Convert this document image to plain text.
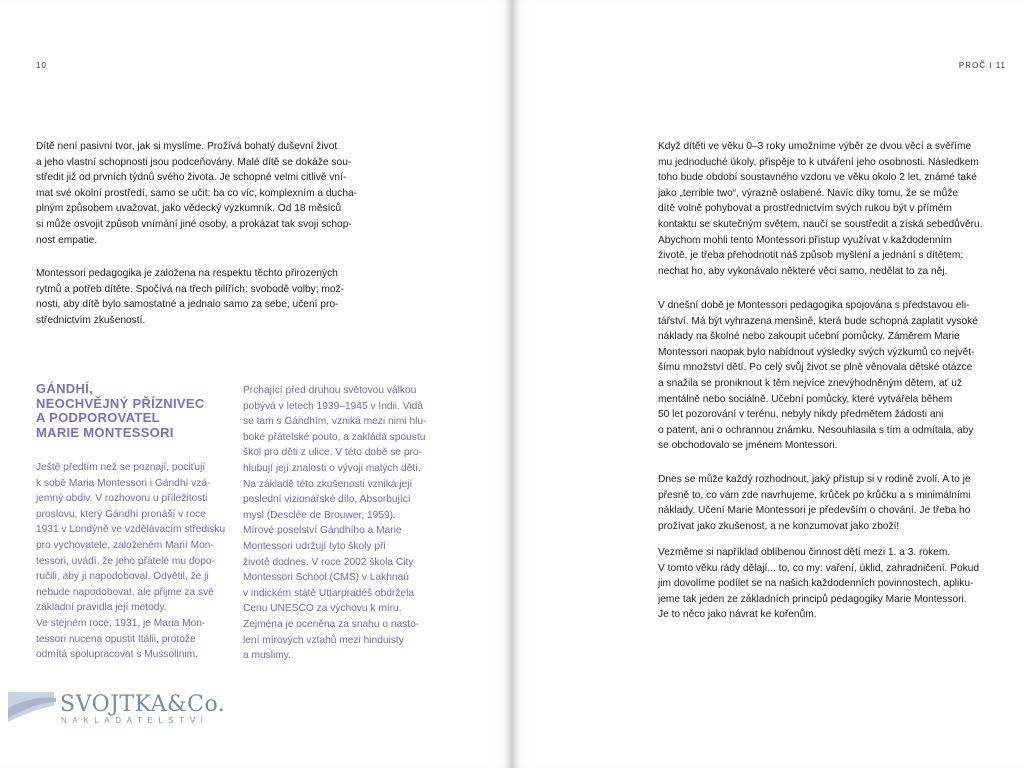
10
Dítě není pasivní tvor, jak si myslíme. Prožívá bohatý duševní život
a jeho vlastní schopnosti jsou podceňovány. Malé dítě se dokáže sou-
středit již od prvních týdnů svého života. Je schopné velmi citlivě vní-
mat své okolní prostředí, samo se učit; ba co víc, komplexním a ducha-
plným způsobem uvažovat, jako vědecký výzkumník. Od 18 měsíců
si může osvojit způsob vnímání jiné osoby, a prokázat tak svoji schop-
nost empatie.
Montessori pedagogika je založena na respektu těchto přirozených
rytmů a potřeb dítěte. Spočívá na třech pilířích: svobodě volby; mož-
nosti, aby dítě bylo samostatné a jednalo samo za sebe; učení pro-
střednictvím zkušeností.
GÁNDHÍ,
NEOCHVĚJNÝ PŘÍZNIVEC
A PODPOROVATEL
MARIE MONTESSORI
Ještě předtím než se poznají, pociťují
k sobě Maria Montessori i Gándhí vzá-
jemný obdiv. V rozhovoru u příležitosti
proslovu, který Gándhí pronáší v roce
1931 v Londýně ve vzdělávacím středisku
pro vychovatele, založeném Marií Mon-
tessori, uvádí, že jeho přátelé mu dopo-
ručili, aby ji napodoboval. Odvětil, že ji
nebude napodobovat, ale přijme za své
základní pravidla její metody.
Ve stejném roce, 1931, je Maria Mon-
tessori nucena opustit Itálii, protože
odmítá spolupracovat s Mussolinim.
Prchající před druhou světovou válkou
pobývá v letech 1939–1945 v Indii. Vidá
se tam s Gándhím, vzniká mezi nimi hlu-
boké přátelské pouto, a zakládá spoustu
škol pro děti z ulice. V této době se pro-
hlubují její znalosti o vývoji malých dětí.
Na základě této zkušenosti vzniká její
poslední vizionářské dílo, Absorbující
mysl (Desclée de Brouwer, 1959).
Mírové poselství Gándhího a Marie
Montessori udržují tyto školy při
životě dodnes. V roce 2002 škola City
Montessori School (CMS) v Lakhnaú
v indickém státě Uttarpradéš obdržela
Cenu UNESCO za výchovu k míru.
Zejména je oceněna za snahu o nasto-
lení mírových vztahů mezi hinduisty
a muslimy.
SVOJTKA&Co.
NAKLADATELSTVÍ
PROČ I 11
Když dítěti ve věku 0–3 roky umožníme výběr ze dvou věcí a svěříme
mu jednoduché úkoly, přispěje to k utváření jeho osobnosti. Následkem
toho bude období soustavného vzdoru ve věku okolo 2 let, známé také
jako „terrible two“, výrazně oslabené. Navíc díky tomu, že se může
dítě volně pohybovat a prostřednictvím svých rukou být v přímém
kontaktu se skutečným světem, naučí se soustředit a získá sebedůvěru.
Abychom mohli tento Montessori přístup využívat v každodenním
životě, je třeba přehodnotit náš způsob myšlení a jednání s dítětem:
nechat ho, aby vykonávalo některé věci samo, nedělat to za něj.
V dnešní době je Montessori pedagogika spojována s představou eli-
tářství. Má být vyhrazena menšině, která bude schopná zaplatit vysoké
náklady na školné nebo zakoupit učební pomůcky. Záměrem Marie
Montessori naopak bylo nabídnout výsledky svých výzkumů co největ-
šímu množství dětí. Po celý svůj život se plně věnovala dětské otázce
a snažila se proniknout k těm nejvíce znevýhodněným dětem, ať už
mentálně nebo sociálně. Učební pomůcky, které vytvářela během
50 let pozorování v terénu, nebyly nikdy předmětem žádosti ani
o patent, ani o ochrannou známku. Nesouhlasila s tím a odmítala, aby
se obchodovalo se jménem Montessori.
Dnes se může každý rozhodnout, jaký přístup si v rodině zvolí. A to je
přesně to, co vám zde navrhujeme, krůček po krůčku a s minimálními
náklady. Učení Marie Montessori je především o chování. Je třeba ho
prožívat jako zkušenost, a ne konzumovat jako zboží!
Vezměme si například oblíbenou činnost dětí mezi 1. a 3. rokem.
V tomto věku rády dělají... to, co my: vaření, úklid, zahradničení. Pokud
jim dovolíme podílet se na našich každodenních povinnostech, apliku-
jeme tak jeden ze základních principů pedagogiky Marie Montessori.
Je to něco jako návrat ke kořenům.
